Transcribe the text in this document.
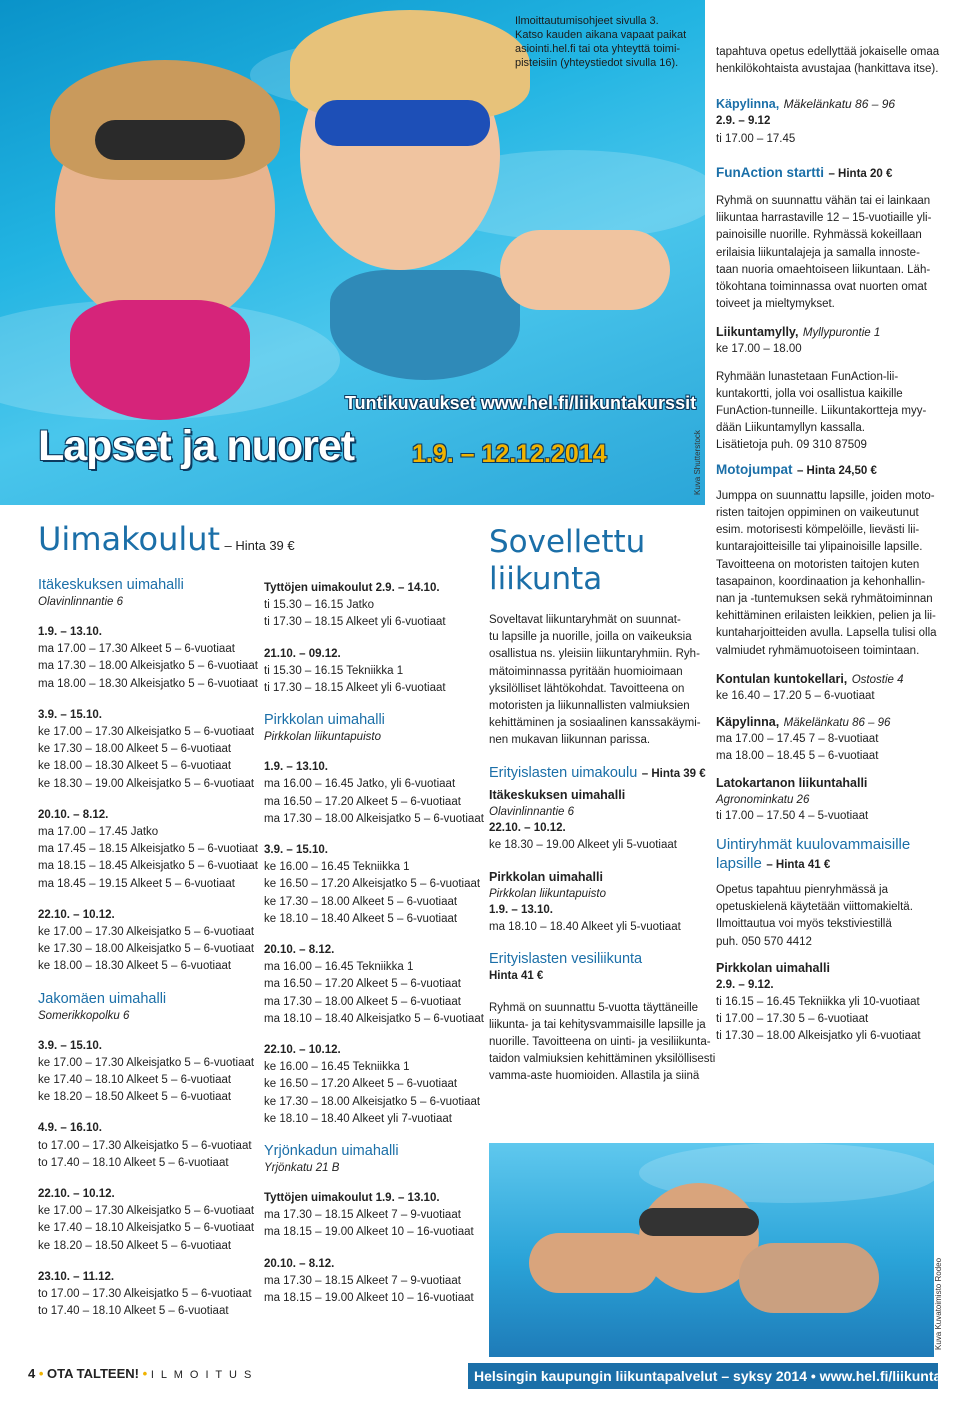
Ilmoittautumisohjeet sivulla 3.
Katso kauden aikana vapaat paikat
asiointi.hel.fi tai ota yhteyttä toimi-
pisteisiin (yhteystiedot sivulla 16).
Kuva Shutterstock
Tuntikuvaukset www.hel.fi/liikuntakurssit
Lapset ja nuoret 1.9. – 12.12.2014
Uimakoulut – Hinta 39 €
Itäkeskuksen uimahalli
Olavinlinnantie 6
1.9. – 13.10.
ma 17.00 – 17.30 Alkeet 5 – 6-vuotiaat
ma 17.30 – 18.00 Alkeisjatko 5 – 6-vuotiaat
ma 18.00 – 18.30 Alkeisjatko 5 – 6-vuotiaat
3.9. – 15.10.
ke 17.00 – 17.30 Alkeisjatko 5 – 6-vuotiaat
ke 17.30 – 18.00 Alkeet 5 – 6-vuotiaat
ke 18.00 – 18.30 Alkeet 5 – 6-vuotiaat
ke 18.30 – 19.00 Alkeisjatko 5 – 6-vuotiaat
20.10. – 8.12.
ma 17.00 – 17.45 Jatko
ma 17.45 – 18.15 Alkeisjatko 5 – 6-vuotiaat
ma 18.15 – 18.45 Alkeisjatko 5 – 6-vuotiaat
ma 18.45 – 19.15 Alkeet 5 – 6-vuotiaat
22.10. – 10.12.
ke 17.00 – 17.30 Alkeisjatko 5 – 6-vuotiaat
ke 17.30 – 18.00 Alkeisjatko 5 – 6-vuotiaat
ke 18.00 – 18.30 Alkeet 5 – 6-vuotiaat
Jakomäen uimahalli
Somerikkopolku 6
3.9. – 15.10.
ke 17.00 – 17.30 Alkeisjatko 5 – 6-vuotiaat
ke 17.40 – 18.10 Alkeet 5 – 6-vuotiaat
ke 18.20 – 18.50 Alkeet 5 – 6-vuotiaat
4.9. – 16.10.
to 17.00 – 17.30 Alkeisjatko 5 – 6-vuotiaat
to 17.40 – 18.10 Alkeet 5 – 6-vuotiaat
22.10. – 10.12.
ke 17.00 – 17.30 Alkeisjatko 5 – 6-vuotiaat
ke 17.40 – 18.10 Alkeisjatko 5 – 6-vuotiaat
ke 18.20 – 18.50 Alkeet 5 – 6-vuotiaat
23.10. – 11.12.
to 17.00 – 17.30 Alkeisjatko 5 – 6-vuotiaat
to 17.40 – 18.10 Alkeet 5 – 6-vuotiaat
Tyttöjen uimakoulut 2.9. – 14.10.
ti 15.30 – 16.15 Jatko
ti 17.30 – 18.15 Alkeet yli 6-vuotiaat
21.10. – 09.12.
ti 15.30 – 16.15 Tekniikka 1
ti 17.30 – 18.15 Alkeet yli 6-vuotiaat
Pirkkolan uimahalli
Pirkkolan liikuntapuisto
1.9. – 13.10.
ma 16.00 – 16.45 Jatko, yli 6-vuotiaat
ma 16.50 – 17.20 Alkeet 5 – 6-vuotiaat
ma 17.30 – 18.00 Alkeisjatko 5 – 6-vuotiaat
3.9. – 15.10.
ke 16.00 – 16.45 Tekniikka 1
ke 16.50 – 17.20 Alkeisjatko 5 – 6-vuotiaat
ke 17.30 – 18.00 Alkeet 5 – 6-vuotiaat
ke 18.10 – 18.40 Alkeet 5 – 6-vuotiaat
20.10. – 8.12.
ma 16.00 – 16.45 Tekniikka 1
ma 16.50 – 17.20 Alkeet 5 – 6-vuotiaat
ma 17.30 – 18.00 Alkeet 5 – 6-vuotiaat
ma 18.10 – 18.40 Alkeisjatko 5 – 6-vuotiaat
22.10. – 10.12.
ke 16.00 – 16.45 Tekniikka 1
ke 16.50 – 17.20 Alkeet 5 – 6-vuotiaat
ke 17.30 – 18.00 Alkeisjatko 5 – 6-vuotiaat
ke 18.10 – 18.40 Alkeet yli 7-vuotiaat
Yrjönkadun uimahalli
Yrjönkatu 21 B
Tyttöjen uimakoulut 1.9. – 13.10.
ma 17.30 – 18.15 Alkeet 7 – 9-vuotiaat
ma 18.15 – 19.00 Alkeet 10 – 16-vuotiaat
20.10. – 8.12.
ma 17.30 – 18.15 Alkeet 7 – 9-vuotiaat
ma 18.15 – 19.00 Alkeet 10 – 16-vuotiaat
Sovellettu
liikunta
Soveltavat liikuntaryhmät on suunnat-
tu lapsille ja nuorille, joilla on vaikeuksia
osallistua ns. yleisiin liikuntaryhmiin. Ryh-
mätoiminnassa pyritään huomioimaan
yksilölliset lähtökohdat. Tavoitteena on
motoristen ja liikunnallisten valmiuksien
kehittäminen ja sosiaalinen kanssakäymi-
nen mukavan liikunnan parissa.
Erityislasten uimakoulu – Hinta 39 €
Itäkeskuksen uimahalli
Olavinlinnantie 6
22.10. – 10.12.
ke 18.30 – 19.00 Alkeet yli 5-vuotiaat
Pirkkolan uimahalli
Pirkkolan liikuntapuisto
1.9. – 13.10.
ma 18.10 – 18.40 Alkeet yli 5-vuotiaat
Erityislasten vesiliikunta
Hinta 41 €
Ryhmä on suunnattu 5-vuotta täyttäneille
liikunta- ja tai kehitysvammaisille lapsille ja
nuorille. Tavoitteena on uinti- ja vesiliikunta-
taidon valmiuksien kehittäminen yksilöllisesti
vamma-aste huomioiden. Allastila ja siinä
Kuva Kuvatoimisto Rodeo
tapahtuva opetus edellyttää jokaiselle omaa
henkilökohtaista avustajaa (hankittava itse).
Käpylinna, Mäkelänkatu 86 – 96
2.9. – 9.12
ti 17.00 – 17.45
FunAction startti – Hinta 20 €
Ryhmä on suunnattu vähän tai ei lainkaan
liikuntaa harrastaville 12 – 15-vuotiaille yli-
painoisille nuorille. Ryhmässä kokeillaan
erilaisia liikuntalajeja ja samalla innoste-
taan nuoria omaehtoiseen liikuntaan. Läh-
tökohtana toiminnassa ovat nuorten omat
toiveet ja mieltymykset.
Liikuntamylly, Myllypurontie 1
ke 17.00 – 18.00
Ryhmään lunastetaan FunAction-lii-
kuntakortti, jolla voi osallistua kaikille
FunAction-tunneille. Liikuntakortteja myy-
dään Liikuntamyllyn kassalla.
Lisätietoja puh. 09 310 87509
Motojumpat – Hinta 24,50 €
Jumppa on suunnattu lapsille, joiden moto-
risten taitojen oppiminen on vaikeutunut
esim. motorisesti kömpelöille, lievästi lii-
kuntarajoitteisille tai ylipainoisille lapsille.
Tavoitteena on motoristen taitojen kuten
tasapainon, koordinaation ja kehonhallin-
nan ja -tuntemuksen sekä ryhmätoiminnan
kehittäminen erilaisten leikkien, pelien ja lii-
kuntaharjoitteiden avulla. Lapsella tulisi olla
valmiudet ryhmämuotoiseen toimintaan.
Kontulan kuntokellari, Ostostie 4
ke 16.40 – 17.20 5 – 6-vuotiaat
Käpylinna, Mäkelänkatu 86 – 96
ma 17.00 – 17.45 7 – 8-vuotiaat
ma 18.00 – 18.45 5 – 6-vuotiaat
Latokartanon liikuntahalli
Agronominkatu 26
ti 17.00 – 17.50 4 – 5-vuotiaat
Uintiryhmät kuulovammaisille
lapsille – Hinta 41 €
Opetus tapahtuu pienryhmässä ja
opetuskielenä käytetään viittomakieltä.
Ilmoittautua voi myös tekstiviestillä
puh. 050 570 4412
Pirkkolan uimahalli
2.9. – 9.12.
ti 16.15 – 16.45 Tekniikka yli 10-vuotiaat
ti 17.00 – 17.30 5 – 6-vuotiaat
ti 17.30 – 18.00 Alkeisjatko yli 6-vuotiaat
4 • OTA TALTEEN! • I L M O I T U S	Helsingin kaupungin liikuntapalvelut – syksy 2014 • www.hel.fi/liikunta
